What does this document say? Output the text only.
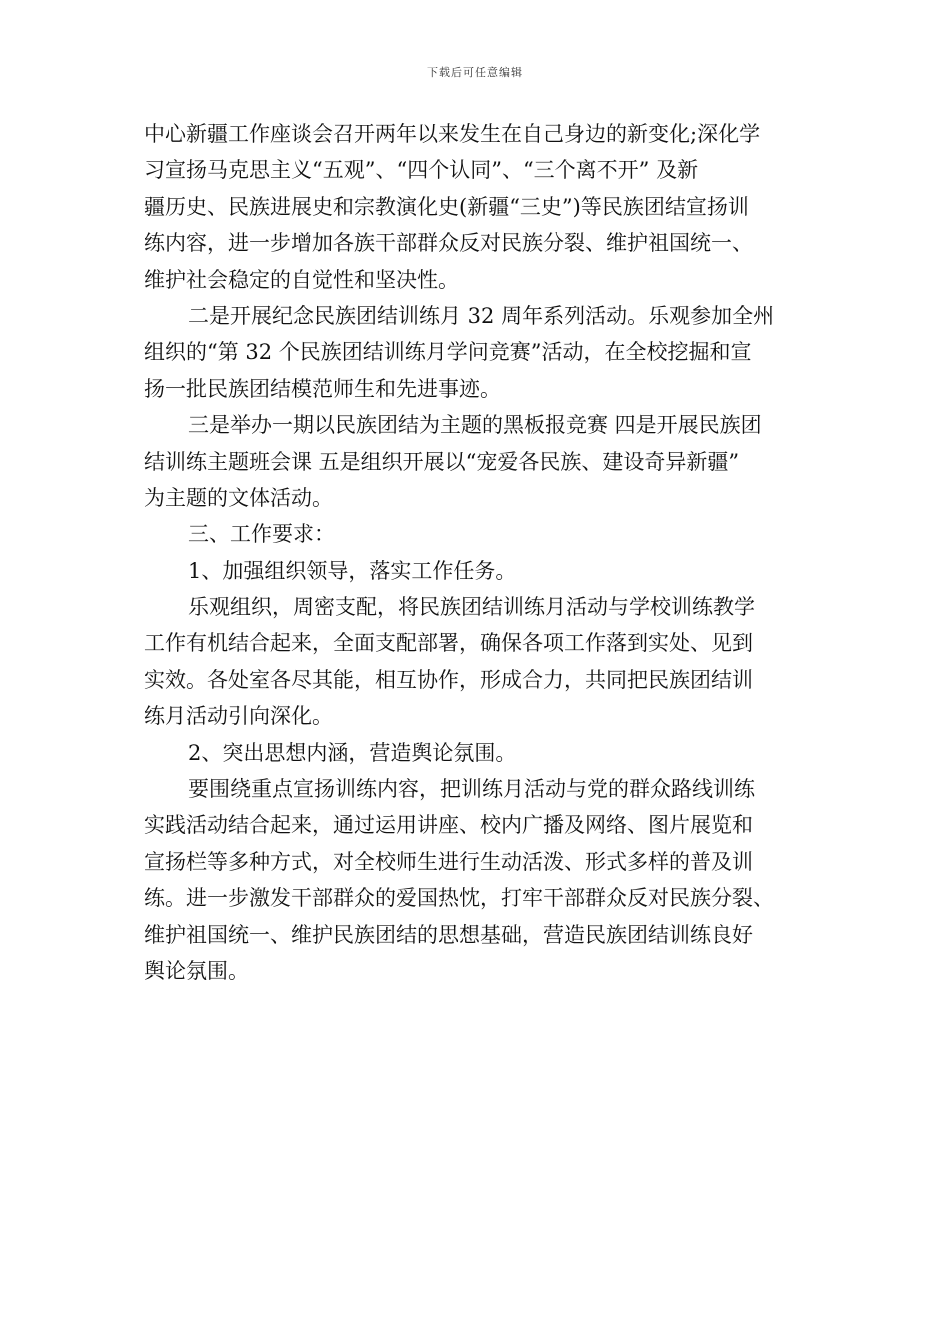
下载后可任意编辑

中心新疆工作座谈会召开两年以来发生在自己身边的新变化;深化学

习宣扬马克思主义“五观”、“四个认同”、“三个离不开” 及新

疆历史、民族进展史和宗教演化史(新疆“三史”)等民族团结宣扬训

练内容，进一步增加各族干部群众反对民族分裂、维护祖国统一、

维护社会稳定的自觉性和坚决性。

二是开展纪念民族团结训练月 32 周年系列活动。乐观参加全州

组织的“第 32 个民族团结训练月学问竞赛”活动，在全校挖掘和宣

扬一批民族团结模范师生和先进事迹。

三是举办一期以民族团结为主题的黑板报竞赛 四是开展民族团

结训练主题班会课 五是组织开展以“宠爱各民族、建设奇异新疆”

为主题的文体活动。

三、工作要求：

1、加强组织领导，落实工作任务。

乐观组织，周密支配，将民族团结训练月活动与学校训练教学

工作有机结合起来，全面支配部署，确保各项工作落到实处、见到

实效。各处室各尽其能，相互协作，形成合力，共同把民族团结训

练月活动引向深化。

2、突出思想内涵，营造舆论氛围。

要围绕重点宣扬训练内容，把训练月活动与党的群众路线训练

实践活动结合起来，通过运用讲座、校内广播及网络、图片展览和

宣扬栏等多种方式，对全校师生进行生动活泼、形式多样的普及训

练。进一步激发干部群众的爱国热忱，打牢干部群众反对民族分裂、

维护祖国统一、维护民族团结的思想基础，营造民族团结训练良好

舆论氛围。
